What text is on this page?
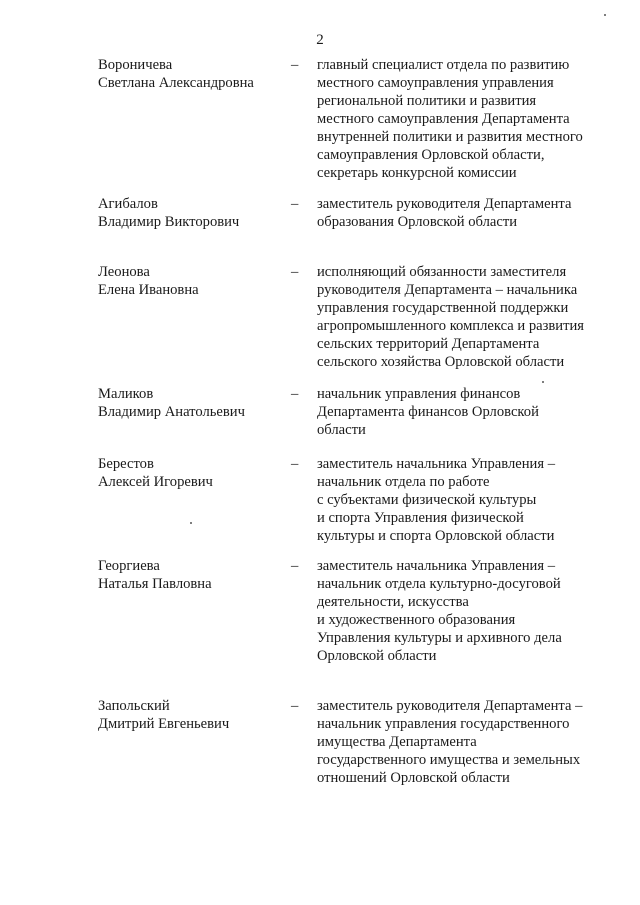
2
Вороничева
Светлана Александровна
– главный специалист отдела по развитию
местного самоуправления управления
региональной политики и развития
местного самоуправления Департамента
внутренней политики и развития местного
самоуправления Орловской области,
секретарь конкурсной комиссии
Агибалов
Владимир Викторович
– заместитель руководителя Департамента
образования Орловской области
Леонова
Елена Ивановна
– исполняющий обязанности заместителя
руководителя Департамента – начальника
управления государственной поддержки
агропромышленного комплекса и развития
сельских территорий Департамента
сельского хозяйства Орловской области
Маликов
Владимир Анатольевич
– начальник управления финансов
Департамента финансов Орловской
области
Берестов
Алексей Игоревич
– заместитель начальника Управления –
начальник отдела по работе
с субъектами физической культуры
и спорта Управления физической
культуры и спорта Орловской области
Георгиева
Наталья Павловна
– заместитель начальника Управления –
начальник отдела культурно-досуговой
деятельности, искусства
и художественного образования
Управления культуры и архивного дела
Орловской области
Запольский
Дмитрий Евгеньевич
– заместитель руководителя Департамента –
начальник управления государственного
имущества Департамента
государственного имущества и земельных
отношений Орловской области
